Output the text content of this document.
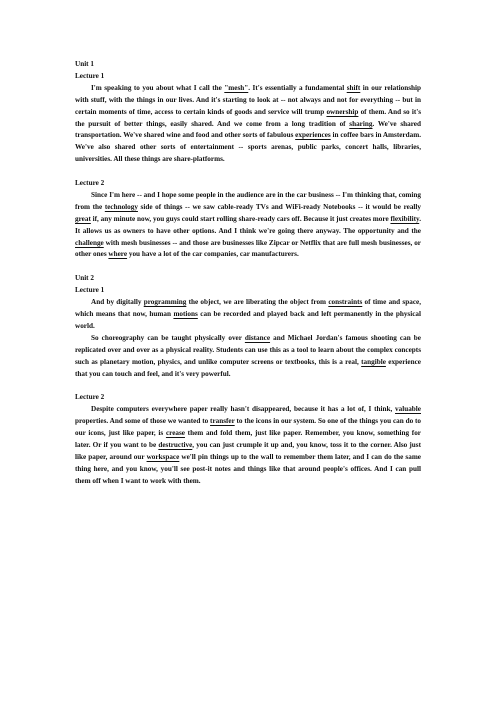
Unit 1

Lecture 1

I'm speaking to you about what I call the "mesh". It's essentially a fundamental shift in our relationship with stuff, with the things in our lives. And it's starting to look at -- not always and not for everything -- but in certain moments of time, access to certain kinds of goods and service will trump ownership of them. And so it's the pursuit of better things, easily shared. And we come from a long tradition of sharing. We've shared transportation. We've shared wine and food and other sorts of fabulous experiences in coffee bars in Amsterdam. We've also shared other sorts of entertainment -- sports arenas, public parks, concert halls, libraries, universities. All these things are share-platforms.

Lecture 2

Since I'm here -- and I hope some people in the audience are in the car business -- I'm thinking that, coming from the technology side of things -- we saw cable-ready TVs and WiFi-ready Notebooks -- it would be really great if, any minute now, you guys could start rolling share-ready cars off. Because it just creates more flexibility. It allows us as owners to have other options. And I think we're going there anyway. The opportunity and the challenge with mesh businesses -- and those are businesses like Zipcar or Netflix that are full mesh businesses, or other ones where you have a lot of the car companies, car manufacturers.

Unit 2

Lecture 1

And by digitally programming the object, we are liberating the object from constraints of time and space, which means that now, human motions can be recorded and played back and left permanently in the physical world.

So choreography can be taught physically over distance and Michael Jordan's famous shooting can be replicated over and over as a physical reality. Students can use this as a tool to learn about the complex concepts such as planetary motion, physics, and unlike computer screens or textbooks, this is a real, tangible experience that you can touch and feel, and it's very powerful.

Lecture 2

Despite computers everywhere paper really hasn't disappeared, because it has a lot of, I think, valuable properties. And some of those we wanted to transfer to the icons in our system. So one of the things you can do to our icons, just like paper, is crease them and fold them, just like paper. Remember, you know, something for later. Or if you want to be destructive, you can just crumple it up and, you know, toss it to the corner. Also just like paper, around our workspace we'll pin things up to the wall to remember them later, and I can do the same thing here, and you know, you'll see post-it notes and things like that around people's offices. And I can pull them off when I want to work with them.
